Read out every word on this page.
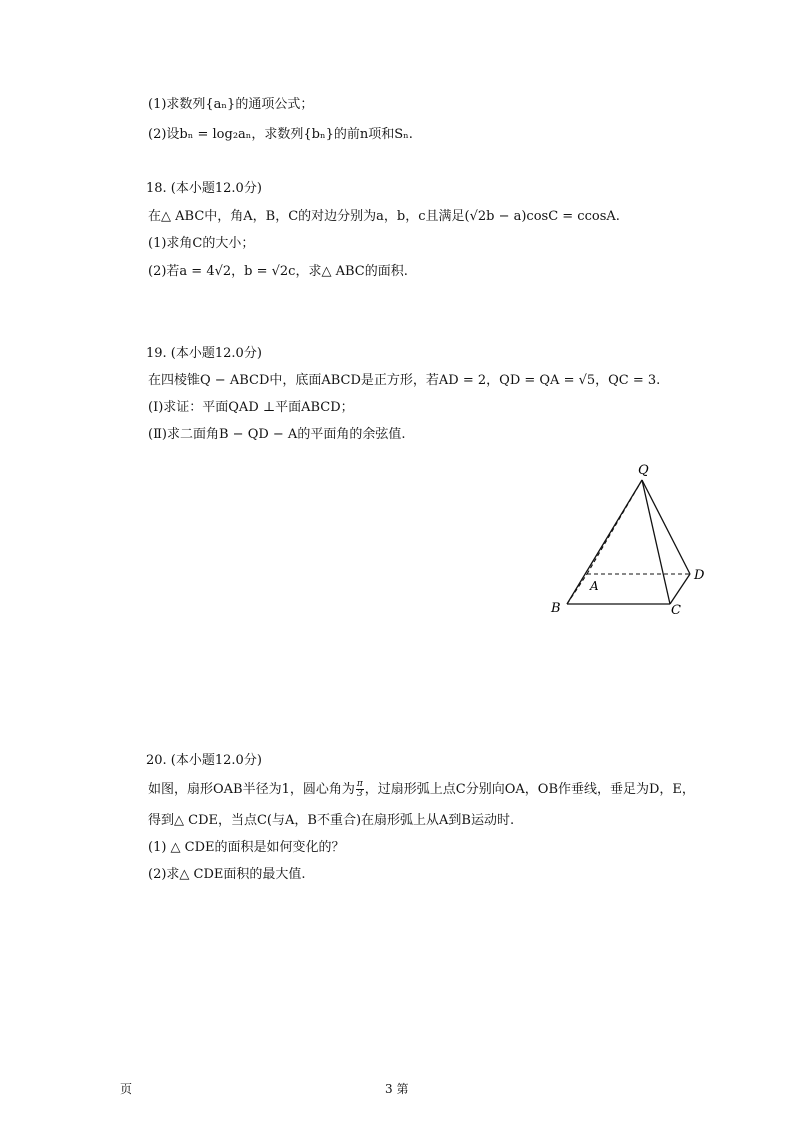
(1)求数列{aₙ}的通项公式；
(2)设bₙ = log₂aₙ，求数列{bₙ}的前n项和Sₙ.
18. (本小题12.0分)
在△ ABC中，角A，B，C的对边分别为a，b，c且满足(√2b − a)cosC = ccosA.
(1)求角C的大小；
(2)若a = 4√2，b = √2c，求△ ABC的面积.
19. (本小题12.0分)
在四棱锥Q − ABCD中，底面ABCD是正方形，若AD = 2，QD = QA = √5，QC = 3.
(Ⅰ)求证：平面QAD ⊥平面ABCD；
(Ⅱ)求二面角B − QD − A的平面角的余弦值.
Q
A
B	C
D
20. (本小题12.0分)
如图，扇形OAB半径为1，圆心角为 $\frac{\pi}{3}$ ，过扇形弧上点C分别向OA，OB作垂线，垂足为D，E，
得到△ CDE，当点C(与A，B不重合)在扇形弧上从A到B运动时.
(1) △ CDE的面积是如何变化的？
(2)求△ CDE面积的最大值.
页	3 第
